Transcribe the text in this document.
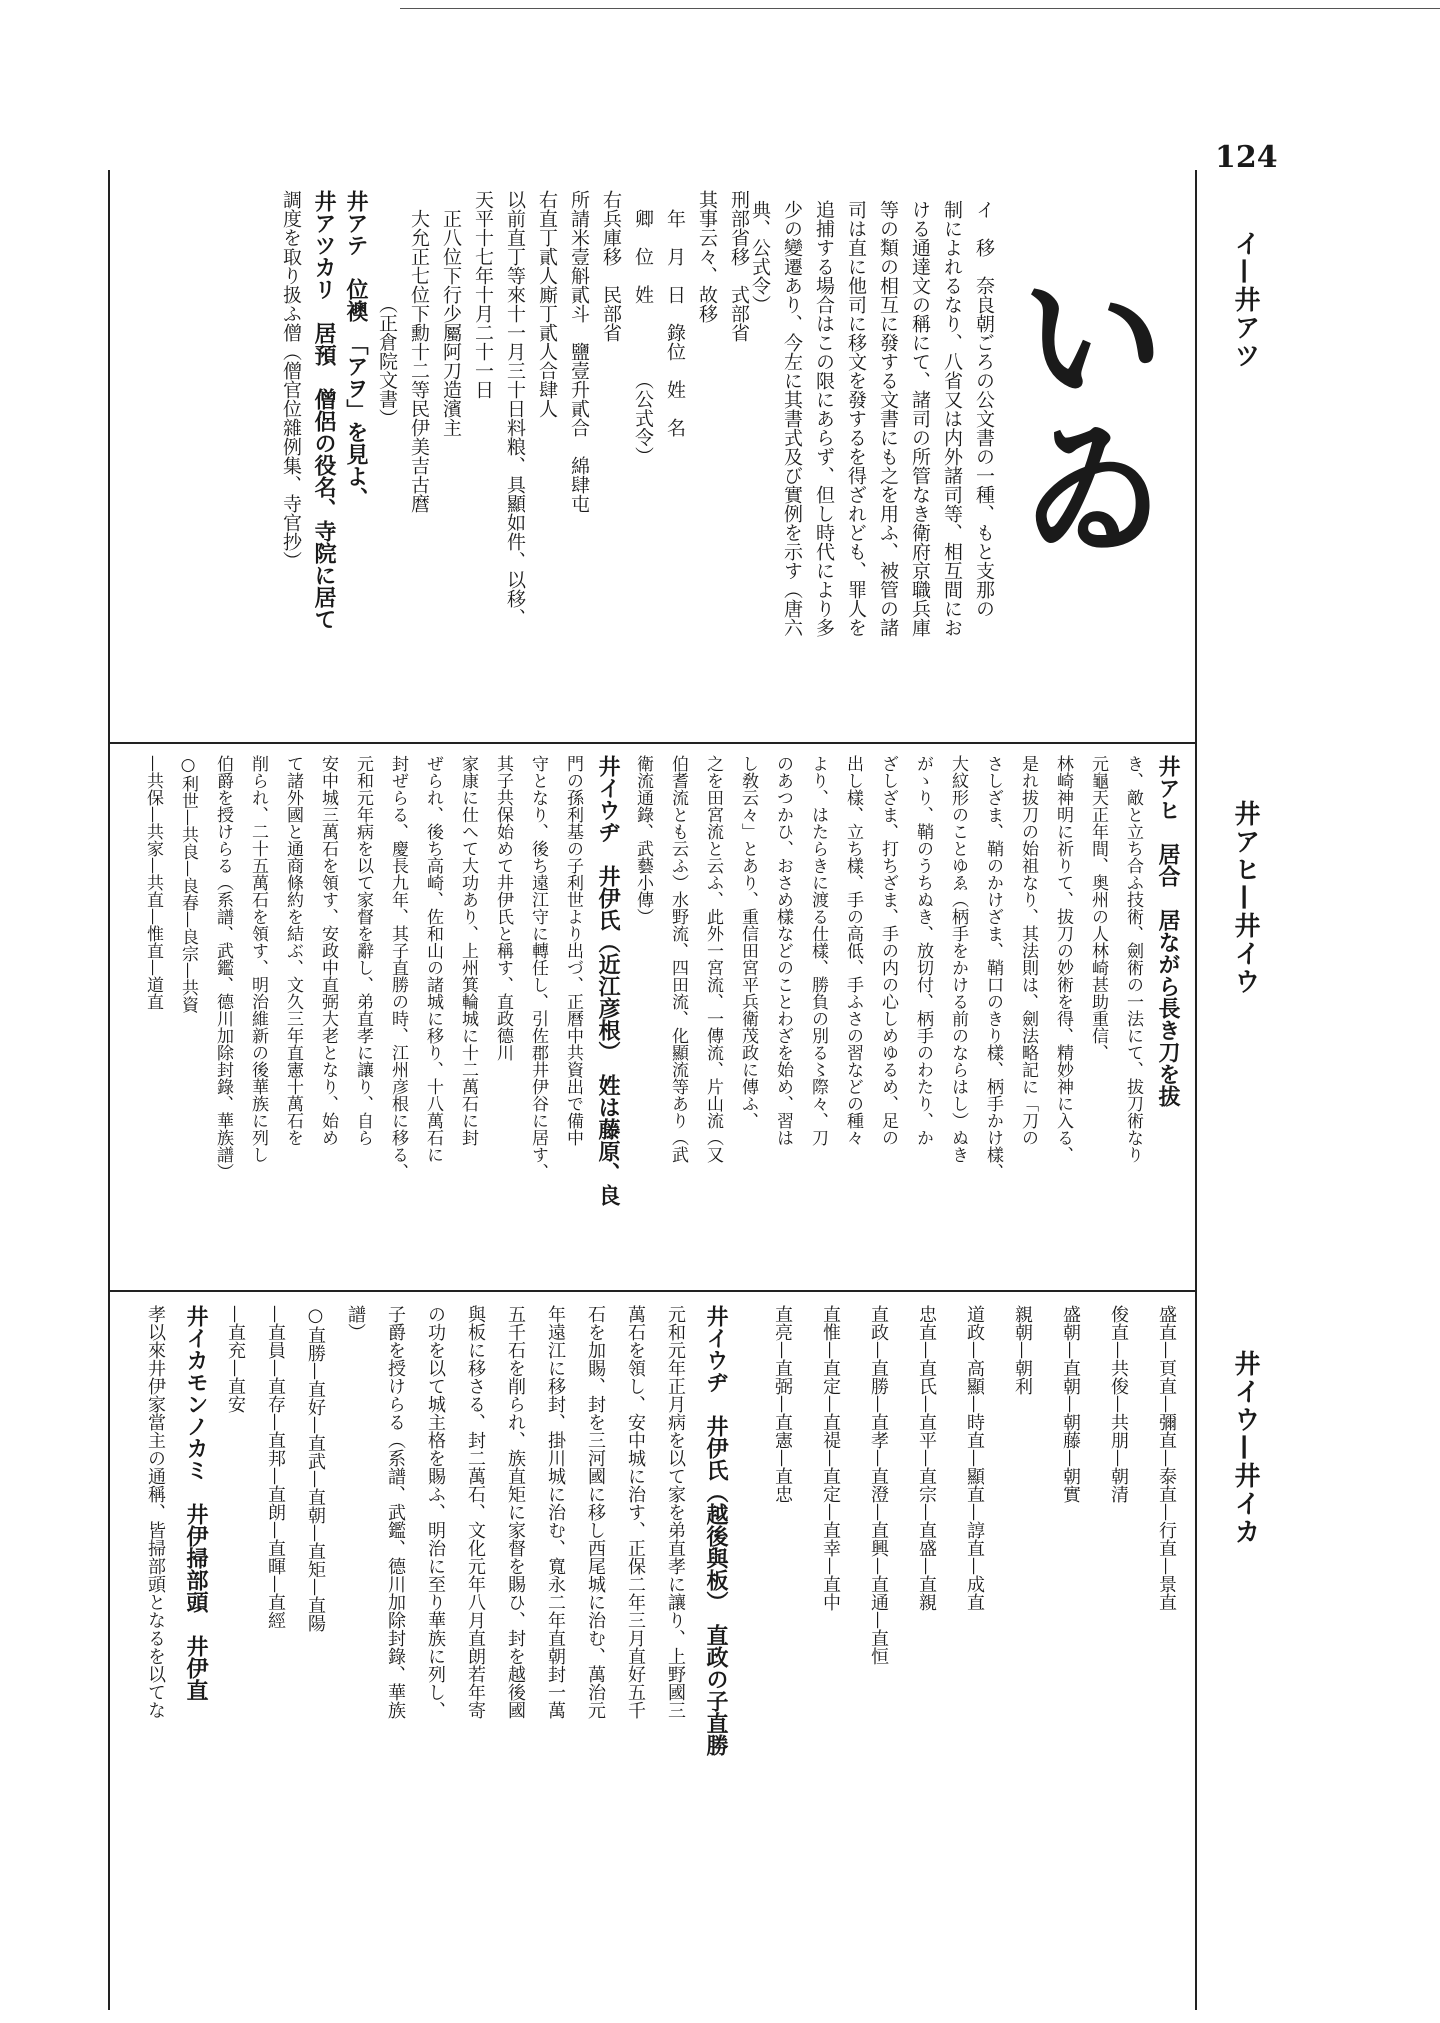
124
イ—井アツ
井アヒ—井イウ
井イウ—井イカ
いゐ

イ　移　奈良朝ごろの公文書の一種、もと支那の

制によれるなり、八省又は内外諸司等、相互間にお

ける通達文の稱にて、諸司の所管なき衛府京職兵庫

等の類の相互に發する文書にも之を用ふ、被管の諸

司は直に他司に移文を發するを得ざれども、罪人を

追捕する場合はこの限にあらず、但し時代により多

少の變遷あり、今左に其書式及び實例を示す（唐六

典、公式令）

刑部省移　式部省

其事云々、故移

　年　月　日　錄位　姓　名

　卿　位　姓　　　　（公式令）

右兵庫移　民部省

所請米壹斛貳斗　鹽壹升貳合　綿肆屯

右直丁貳人廝丁貳人合肆人

以前直丁等來十一月三十日料粮、具顯如件、以移、

天平十七年十月二十一日

　正八位下行少屬阿刀造濱主

　大允正七位下勳十二等民伊美吉古麿

　　　　　　（正倉院文書）

井アテ　位襖　「アヲ」を見よ、

井アツカリ　居預　僧侶の役名、寺院に居て

調度を取り扱ふ僧（僧官位雜例集、寺官抄）

井アヒ　居合　居ながら長き刀を拔

き、敵と立ち合ふ技術、劍術の一法にて、拔刀術なり

元龜天正年間、奥州の人林崎甚助重信、

林崎神明に祈りて、拔刀の妙術を得、精妙神に入る、

是れ拔刀の始祖なり、其法則は、劍法略記に「刀の

さしざま、鞘のかけざま、鞘口のきり樣、柄手かけ樣、

大紋形のことゆゑ（柄手をかける前のならはし）ぬき

がゝり、鞘のうちぬき、放切付、柄手のわたり、か

ざしざま、打ちざま、手の内の心しめゆるめ、足の

出し樣、立ち樣、手の高低、手ふさの習などの種々

より、はたらきに渡る仕樣、勝負の別る〻際々、刀

のあつかひ、おさめ樣などのことわざを始め、習は

し敎云々」とあり、重信田宮平兵衛茂政に傳ふ、

之を田宮流と云ふ、此外一宮流、一傳流、片山流（又

伯耆流とも云ふ）水野流、四田流、化顯流等あり（武

衛流通錄、武藝小傳）

井イウヂ　井伊氏（近江彦根）　姓は藤原、良

門の孫利基の子利世より出づ、正曆中共資出で備中

守となり、後ち遠江守に轉任し、引佐郡井伊谷に居す、

其子共保始めて井伊氏と稱す、直政德川

家康に仕へて大功あり、上州箕輪城に十二萬石に封

ぜられ、後ち高崎、佐和山の諸城に移り、十八萬石に

封ぜらる、慶長九年、其子直勝の時、江州彦根に移る、

元和元年病を以て家督を辭し、弟直孝に讓り、自ら

安中城三萬石を領す、安政中直弼大老となり、始め

て諸外國と通商條約を結ぶ、文久三年直憲十萬石を

削られ、二十五萬石を領す、明治維新の後華族に列し

伯爵を授けらる（系譜、武鑑、德川加除封錄、華族譜）

○利世—共良—良春—良宗—共資

—共保—共家—共直—惟直—道直

盛直—頁直—彌直—泰直—行直—景直

俊直—共俊—共朋—朝清

盛朝—直朝—朝藤—朝實

親朝—朝利

道政—高顯—時直—顯直—諄直—成直

忠直—直氏—直平—直宗—直盛—直親

直政—直勝—直孝—直澄—直興—直通—直恒

直惟—直定—直禔—直定—直幸—直中

直亮—直弼—直憲—直忠

井イウヂ　井伊氏（越後與板）　直政の子直勝

元和元年正月病を以て家を弟直孝に讓り、上野國三

萬石を領し、安中城に治す、正保二年三月直好五千

石を加賜、封を三河國に移し西尾城に治む、萬治元

年遠江に移封、掛川城に治む、寬永二年直朝封一萬

五千石を削られ、族直矩に家督を賜ひ、封を越後國

與板に移さる、封二萬石、文化元年八月直朗若年寄

の功を以て城主格を賜ふ、明治に至り華族に列し、

子爵を授けらる（系譜、武鑑、德川加除封錄、華族

譜）

○直勝—直好—直武—直朝—直矩—直陽

—直員—直存—直邦—直朗—直暉—直經

—直充—直安

井イカモンノカミ　井伊掃部頭　井伊直

孝以來井伊家當主の通稱、皆掃部頭となるを以てな
